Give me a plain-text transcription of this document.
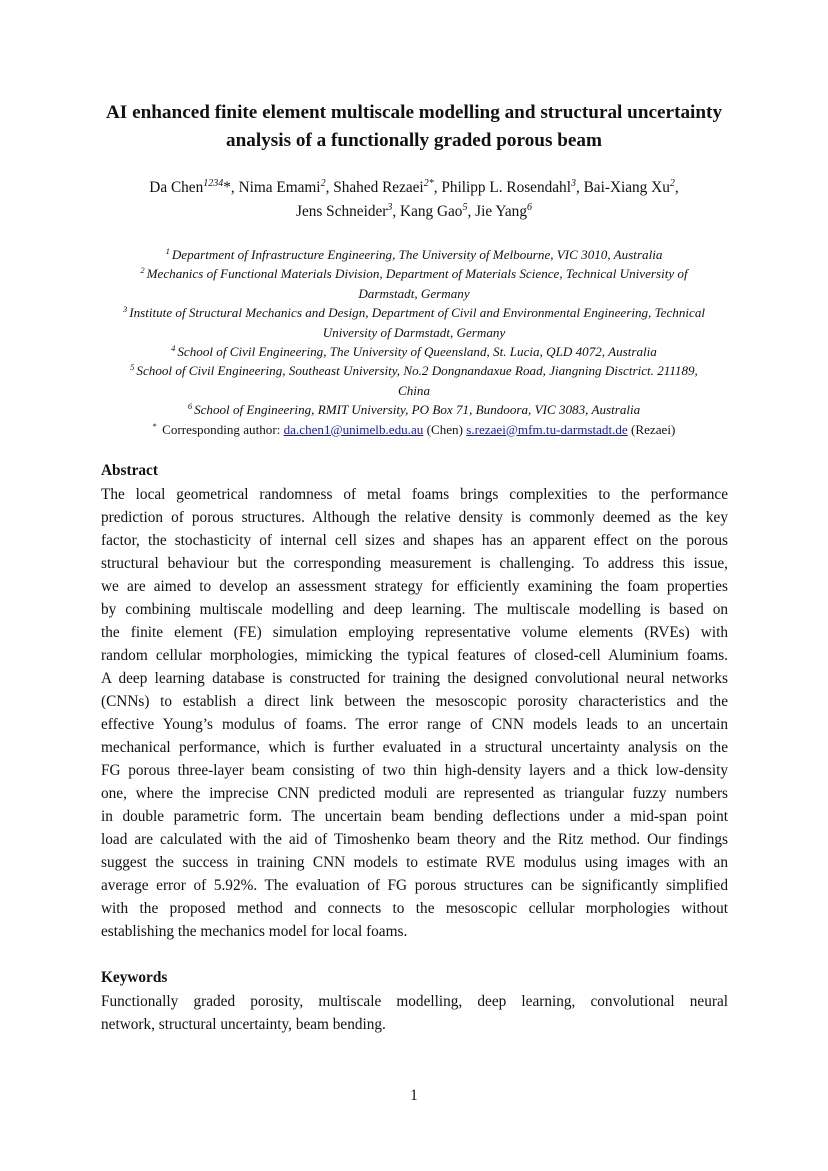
AI enhanced finite element multiscale modelling and structural uncertainty
analysis of a functionally graded porous beam
Da Chen$^{1234}$*, Nima Emami$^2$, Shahed Rezaei$^{2*}$, Philipp L. Rosendahl$^3$, Bai-Xiang Xu$^2$,
Jens Schneider$^3$, Kang Gao$^5$, Jie Yang$^6$
$^1$ Department of Infrastructure Engineering, The University of Melbourne, VIC 3010, Australia
$^2$ Mechanics of Functional Materials Division, Department of Materials Science, Technical University of
Darmstadt, Germany
$^3$ Institute of Structural Mechanics and Design, Department of Civil and Environmental Engineering, Technical
University of Darmstadt, Germany
$^4$ School of Civil Engineering, The University of Queensland, St. Lucia, QLD 4072, Australia
$^5$ School of Civil Engineering, Southeast University, No.2 Dongnandaxue Road, Jiangning Disctrict. 211189,
China
$^6$ School of Engineering, RMIT University, PO Box 71, Bundoora, VIC 3083, Australia
* Corresponding author: da.chen1@unimelb.edu.au (Chen) s.rezaei@mfm.tu-darmstadt.de (Rezaei)
Abstract
The local geometrical randomness of metal foams brings complexities to the performance
prediction of porous structures. Although the relative density is commonly deemed as the key
factor, the stochasticity of internal cell sizes and shapes has an apparent effect on the porous
structural behaviour but the corresponding measurement is challenging. To address this issue,
we are aimed to develop an assessment strategy for efficiently examining the foam properties
by combining multiscale modelling and deep learning. The multiscale modelling is based on
the finite element (FE) simulation employing representative volume elements (RVEs) with
random cellular morphologies, mimicking the typical features of closed-cell Aluminium foams.
A deep learning database is constructed for training the designed convolutional neural networks
(CNNs) to establish a direct link between the mesoscopic porosity characteristics and the
effective Young’s modulus of foams. The error range of CNN models leads to an uncertain
mechanical performance, which is further evaluated in a structural uncertainty analysis on the
FG porous three-layer beam consisting of two thin high-density layers and a thick low-density
one, where the imprecise CNN predicted moduli are represented as triangular fuzzy numbers
in double parametric form. The uncertain beam bending deflections under a mid-span point
load are calculated with the aid of Timoshenko beam theory and the Ritz method. Our findings
suggest the success in training CNN models to estimate RVE modulus using images with an
average error of 5.92%. The evaluation of FG porous structures can be significantly simplified
with the proposed method and connects to the mesoscopic cellular morphologies without
establishing the mechanics model for local foams.
Keywords
Functionally graded porosity, multiscale modelling, deep learning, convolutional neural
network, structural uncertainty, beam bending.
1
